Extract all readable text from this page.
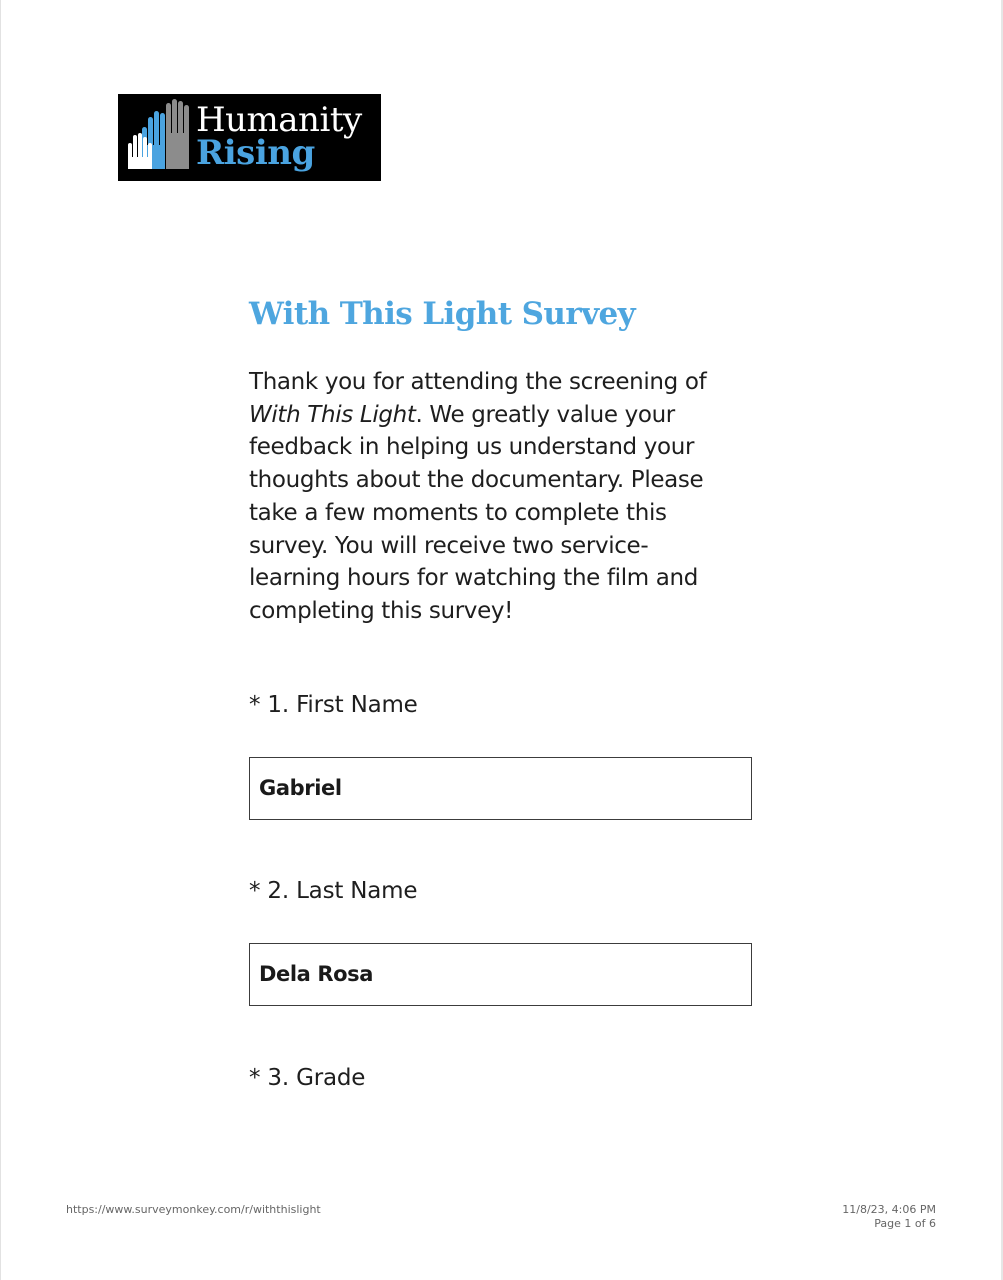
Humanity
Rising
With This Light Survey

Thank you for attending the screening of
With This Light. We greatly value your
feedback in helping us understand your
thoughts about the documentary. Please
take a few moments to complete this
survey. You will receive two service-
learning hours for watching the film and
completing this survey!

* 1. First Name
Gabriel
* 2. Last Name
Dela Rosa
* 3. Grade
https://www.surveymonkey.com/r/withthislight	11/8/23, 4:06 PM
Page 1 of 6
